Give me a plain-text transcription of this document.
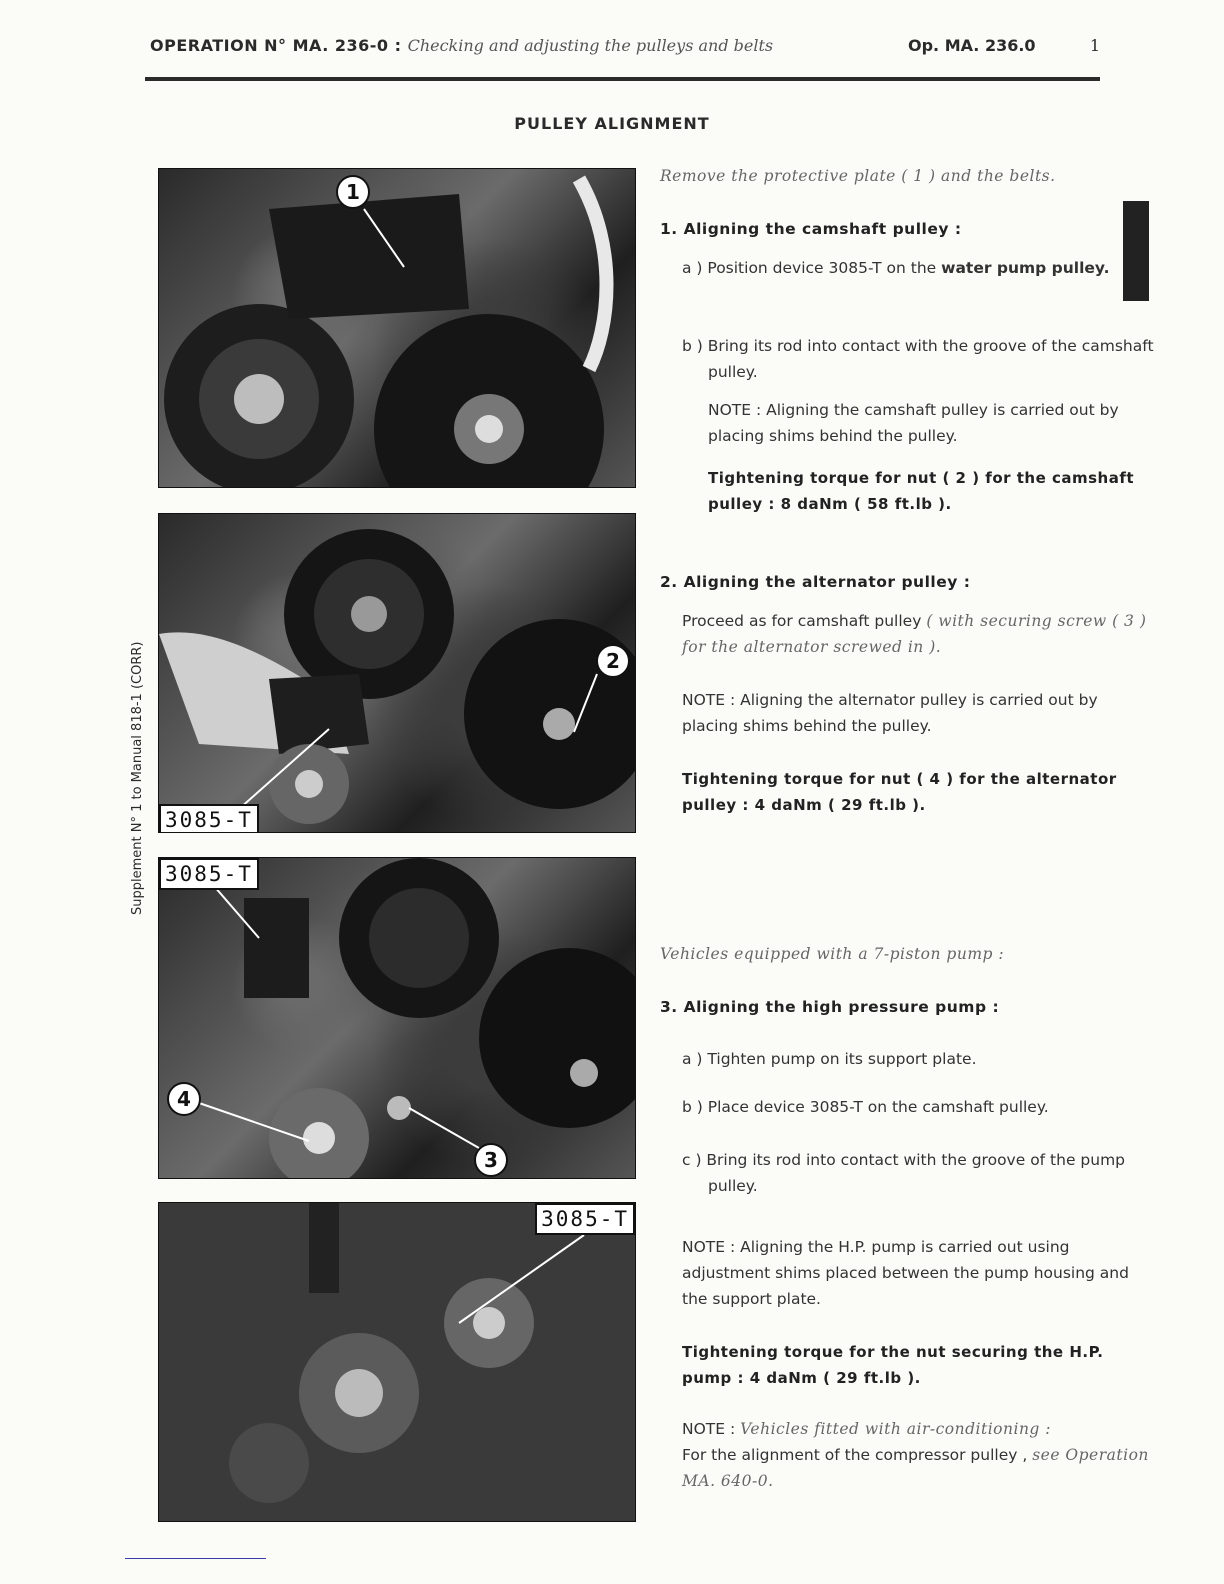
OPERATION N° MA. 236-0 : Checking and adjusting the pulleys and belts	Op. MA. 236.0	1
PULLEY ALIGNMENT
Supplement N° 1 to Manual 818-1 (CORR)
1
2
3085-T
3085-T
4
3
3085-T
Remove the protective plate ( 1 ) and the belts.
1. Aligning the camshaft pulley :
a ) Position device 3085-T on the water pump pulley.
b ) Bring its rod into contact with the groove of the camshaft pulley.
NOTE : Aligning the camshaft pulley is carried out by placing shims behind the pulley.
Tightening torque for nut ( 2 ) for the camshaft pulley : 8 daNm ( 58 ft.lb ).
2. Aligning the alternator pulley :
Proceed as for camshaft pulley ( with securing screw ( 3 ) for the alternator screwed in ).
NOTE : Aligning the alternator pulley is carried out by placing shims behind the pulley.
Tightening torque for nut ( 4 ) for the alternator pulley : 4 daNm ( 29 ft.lb ).
Vehicles equipped with a 7-piston pump :
3. Aligning the high pressure pump :
a ) Tighten pump on its support plate.
b ) Place device 3085-T on the camshaft pulley.
c ) Bring its rod into contact with the groove of the pump pulley.
NOTE : Aligning the H.P. pump is carried out using adjustment shims placed between the pump housing and the support plate.
Tightening torque for the nut securing the H.P. pump : 4 daNm ( 29 ft.lb ).
NOTE : Vehicles fitted with air-conditioning :
For the alignment of the compressor pulley , see Operation MA. 640-0.
